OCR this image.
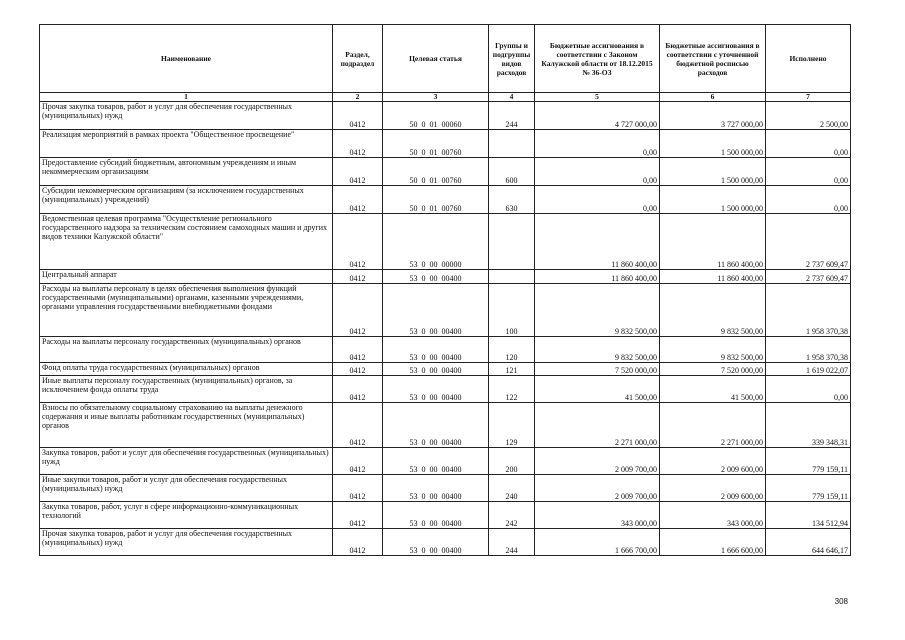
Наименование	Раздел, подраздел	Целевая статья	Группы и подгруппы видов расходов	Бюджетные ассигнования в соответствии с Законом Калужской области от 18.12.2015 № 36-ОЗ	Бюджетные ассигнования в соответствии с уточненной бюджетной росписью расходов	Исполнено
1	2	3	4	5	6	7
Прочая закупка товаров, работ и услуг для обеспечения государственных (муниципальных) нужд	0412	50 0 01 00060	244	4 727 000,00	3 727 000,00	2 500,00
Реализация мероприятий в рамках проекта "Общественное просвещение"	0412	50 0 01 00760		0,00	1 500 000,00	0,00
Предоставление субсидий бюджетным, автономным учреждениям и иным некоммерческим организациям	0412	50 0 01 00760	600	0,00	1 500 000,00	0,00
Субсидии некоммерческим организациям (за исключением государственных (муниципальных) учреждений)	0412	50 0 01 00760	630	0,00	1 500 000,00	0,00
Ведомственная целевая программа "Осуществление регионального государственного надзора за техническим состоянием самоходных машин и других видов техники Калужской области"	0412	53 0 00 00000		11 860 400,00	11 860 400,00	2 737 609,47
Центральный аппарат	0412	53 0 00 00400		11 860 400,00	11 860 400,00	2 737 609,47
Расходы на выплаты персоналу в целях обеспечения выполнения функций государственными (муниципальными) органами, казенными учреждениями, органами управления государственными внебюджетными фондами	0412	53 0 00 00400	100	9 832 500,00	9 832 500,00	1 958 370,38
Расходы на выплаты персоналу государственных (муниципальных) органов	0412	53 0 00 00400	120	9 832 500,00	9 832 500,00	1 958 370,38
Фонд оплаты труда государственных (муниципальных) органов	0412	53 0 00 00400	121	7 520 000,00	7 520 000,00	1 619 022,07
Иные выплаты персоналу государственных (муниципальных) органов, за исключением фонда оплаты труда	0412	53 0 00 00400	122	41 500,00	41 500,00	0,00
Взносы по обязательному социальному страхованию на выплаты денежного содержания и иные выплаты работникам государственных (муниципальных) органов	0412	53 0 00 00400	129	2 271 000,00	2 271 000,00	339 348,31
Закупка товаров, работ и услуг для обеспечения государственных (муниципальных) нужд	0412	53 0 00 00400	200	2 009 700,00	2 009 600,00	779 159,11
Иные закупки товаров, работ и услуг для обеспечения государственных (муниципальных) нужд	0412	53 0 00 00400	240	2 009 700,00	2 009 600,00	779 159,11
Закупка товаров, работ, услуг в сфере информационно-коммуникационных технологий	0412	53 0 00 00400	242	343 000,00	343 000,00	134 512,94
Прочая закупка товаров, работ и услуг для обеспечения государственных (муниципальных) нужд	0412	53 0 00 00400	244	1 666 700,00	1 666 600,00	644 646,17
308
